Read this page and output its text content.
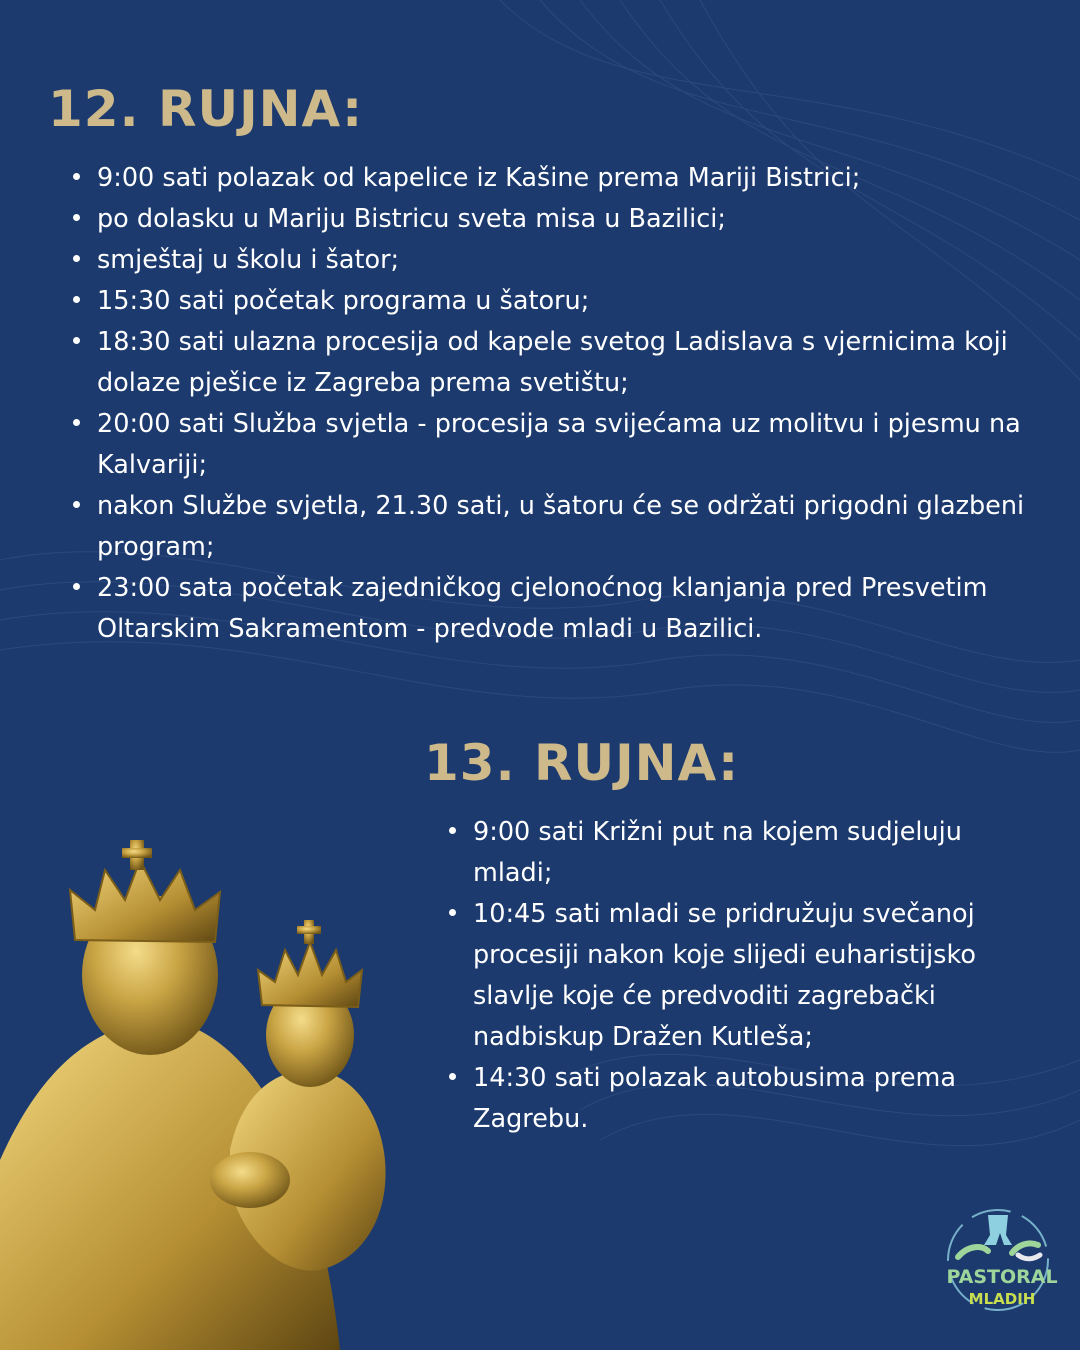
12. RUJNA:
9:00 sati polazak od kapelice iz Kašine prema Mariji Bistrici;
po dolasku u Mariju Bistricu sveta misa u Bazilici;
smještaj u školu i šator;
15:30 sati početak programa u šatoru;
18:30 sati ulazna procesija od kapele svetog Ladislava s vjernicima koji dolaze pješice iz Zagreba prema svetištu;
20:00 sati Služba svjetla - procesija sa svijećama uz molitvu i pjesmu na Kalvariji;
nakon Službe svjetla, 21.30 sati, u šatoru će se održati prigodni glazbeni program;
23:00 sata početak zajedničkog cjelonoćnog klanjanja pred Presvetim Oltarskim Sakramentom - predvode mladi u Bazilici.
13. RUJNA:
9:00 sati Križni put na kojem sudjeluju mladi;
10:45 sati mladi se pridružuju svečanoj procesiji nakon koje slijedi euharistijsko slavlje koje će predvoditi zagrebački nadbiskup Dražen Kutleša;
14:30 sati polazak autobusima prema Zagrebu.
PASTORAL
MLADIH
